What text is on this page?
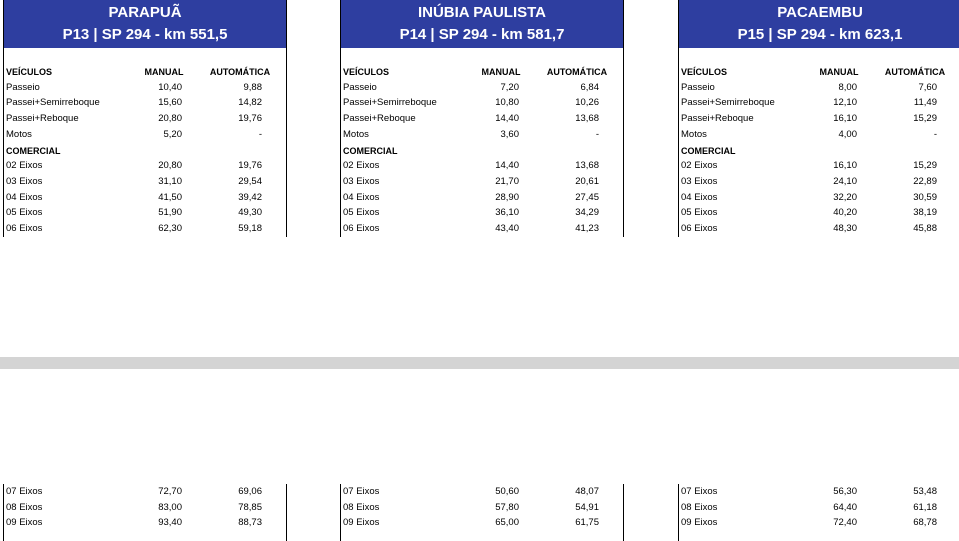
PARAPUÃ
P13 | SP 294 - km 551,5
VEÍCULOS	MANUAL	AUTOMÁTICA
Passeio	10,40	9,88
Passei+Semirreboque	15,60	14,82
Passei+Reboque	20,80	19,76
Motos	5,20	-
COMERCIAL
02 Eixos	20,80	19,76
03 Eixos	31,10	29,54
04 Eixos	41,50	39,42
05 Eixos	51,90	49,30
06 Eixos	62,30	59,18
07 Eixos	72,70	69,06
08 Eixos	83,00	78,85
09 Eixos	93,40	88,73
INÚBIA PAULISTA
P14 | SP 294 - km 581,7
VEÍCULOS	MANUAL	AUTOMÁTICA
Passeio	7,20	6,84
Passei+Semirreboque	10,80	10,26
Passei+Reboque	14,40	13,68
Motos	3,60	-
COMERCIAL
02 Eixos	14,40	13,68
03 Eixos	21,70	20,61
04 Eixos	28,90	27,45
05 Eixos	36,10	34,29
06 Eixos	43,40	41,23
07 Eixos	50,60	48,07
08 Eixos	57,80	54,91
09 Eixos	65,00	61,75
PACAEMBU
P15 | SP 294 - km 623,1
VEÍCULOS	MANUAL	AUTOMÁTICA
Passeio	8,00	7,60
Passei+Semirreboque	12,10	11,49
Passei+Reboque	16,10	15,29
Motos	4,00	-
COMERCIAL
02 Eixos	16,10	15,29
03 Eixos	24,10	22,89
04 Eixos	32,20	30,59
05 Eixos	40,20	38,19
06 Eixos	48,30	45,88
07 Eixos	56,30	53,48
08 Eixos	64,40	61,18
09 Eixos	72,40	68,78
